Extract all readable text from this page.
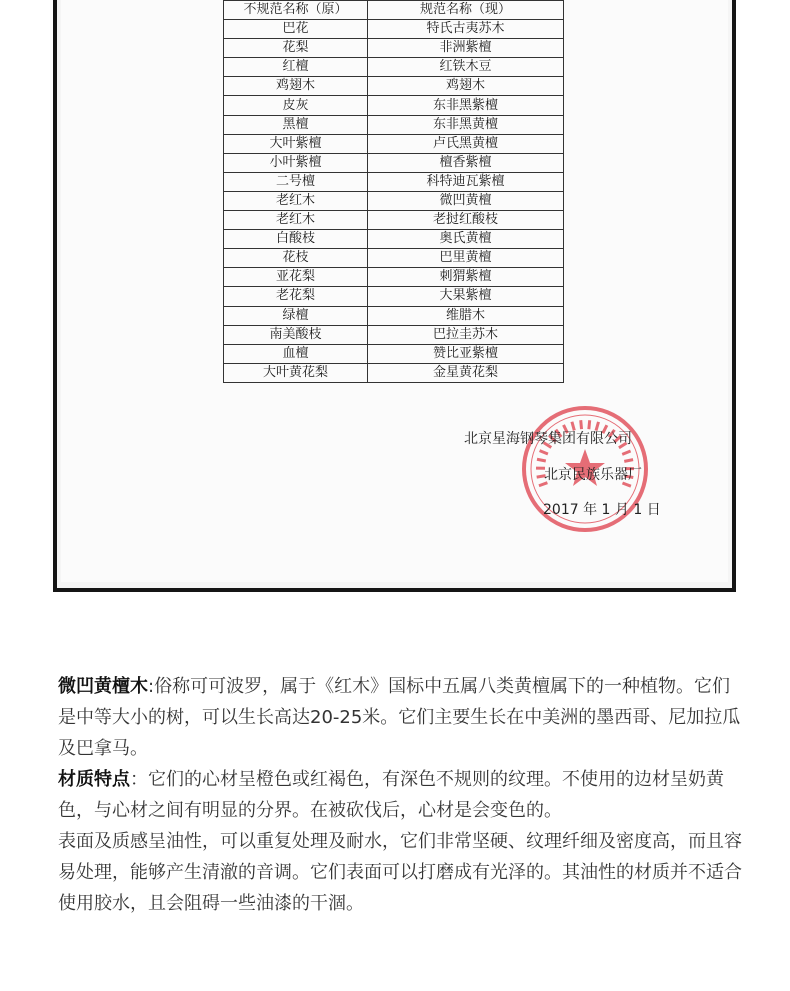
不规范名称（原）	规范名称（现）
巴花	特氏古夷苏木
花梨	非洲紫檀
红檀	红铁木豆
鸡翅木	鸡翅木
皮灰	东非黑紫檀
黑檀	东非黑黄檀
大叶紫檀	卢氏黑黄檀
小叶紫檀	檀香紫檀
二号檀	科特迪瓦紫檀
老红木	微凹黄檀
老红木	老挝红酸枝
白酸枝	奥氏黄檀
花枝	巴里黄檀
亚花梨	刺猬紫檀
老花梨	大果紫檀
绿檀	维腊木
南美酸枝	巴拉圭苏木
血檀	赞比亚紫檀
大叶黄花梨	金星黄花梨
北京星海钢琴集团有限公司
北京民族乐器厂
2017 年 1 月 1 日

微凹黄檀木:俗称可可波罗，属于《红木》国标中五属八类黄檀属下的一种植物。它们是中等大小的树，可以生长高达20-25米。它们主要生长在中美洲的墨西哥、尼加拉瓜及巴拿马。

材质特点：它们的心材呈橙色或红褐色，有深色不规则的纹理。不使用的边材呈奶黄色，与心材之间有明显的分界。在被砍伐后，心材是会变色的。

表面及质感呈油性，可以重复处理及耐水，它们非常坚硬、纹理纤细及密度高，而且容易处理，能够产生清澈的音调。它们表面可以打磨成有光泽的。其油性的材质并不适合使用胶水，且会阻碍一些油漆的干涸。
